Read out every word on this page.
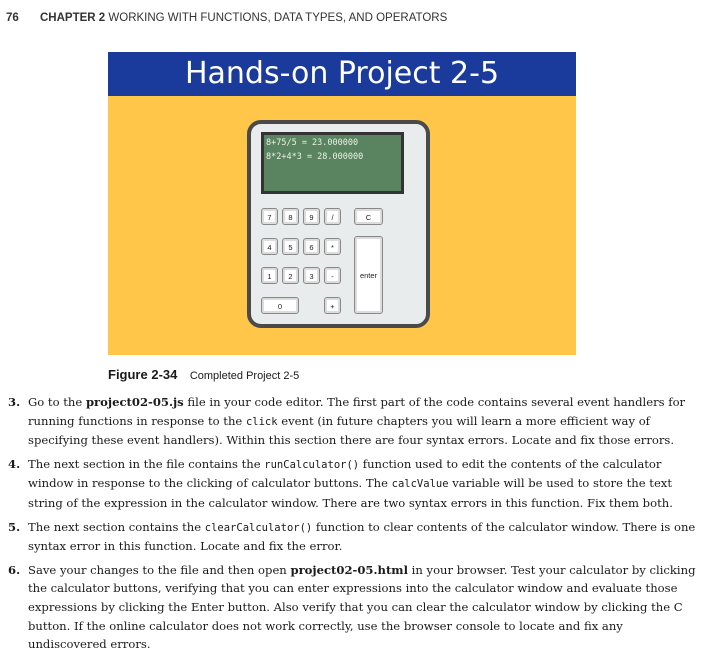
76 CHAPTER 2 WORKING WITH FUNCTIONS, DATA TYPES, AND OPERATORS
Hands-on Project 2-5
8+75/5 = 23.000000
8*2+4*3 = 28.000000
7	8	9	/	C
4	5	6	*
1	2	3	-	enter
0	+
Figure 2-34 Completed Project 2-5
3. Go to the project02-05.js file in your code editor. The first part of the code contains several event handlers for running functions in response to the click event (in future chapters you will learn a more efficient way of specifying these event handlers). Within this section there are four syntax errors. Locate and fix those errors.
4. The next section in the file contains the runCalculator() function used to edit the contents of the calculator window in response to the clicking of calculator buttons. The calcValue variable will be used to store the text string of the expression in the calculator window. There are two syntax errors in this function. Fix them both.
5. The next section contains the clearCalculator() function to clear contents of the calculator window. There is one syntax error in this function. Locate and fix the error.
6. Save your changes to the file and then open project02-05.html in your browser. Test your calculator by clicking the calculator buttons, verifying that you can enter expressions into the calculator window and evaluate those expressions by clicking the Enter button. Also verify that you can clear the calculator window by clicking the C button. If the online calculator does not work correctly, use the browser console to locate and fix any undiscovered errors.
